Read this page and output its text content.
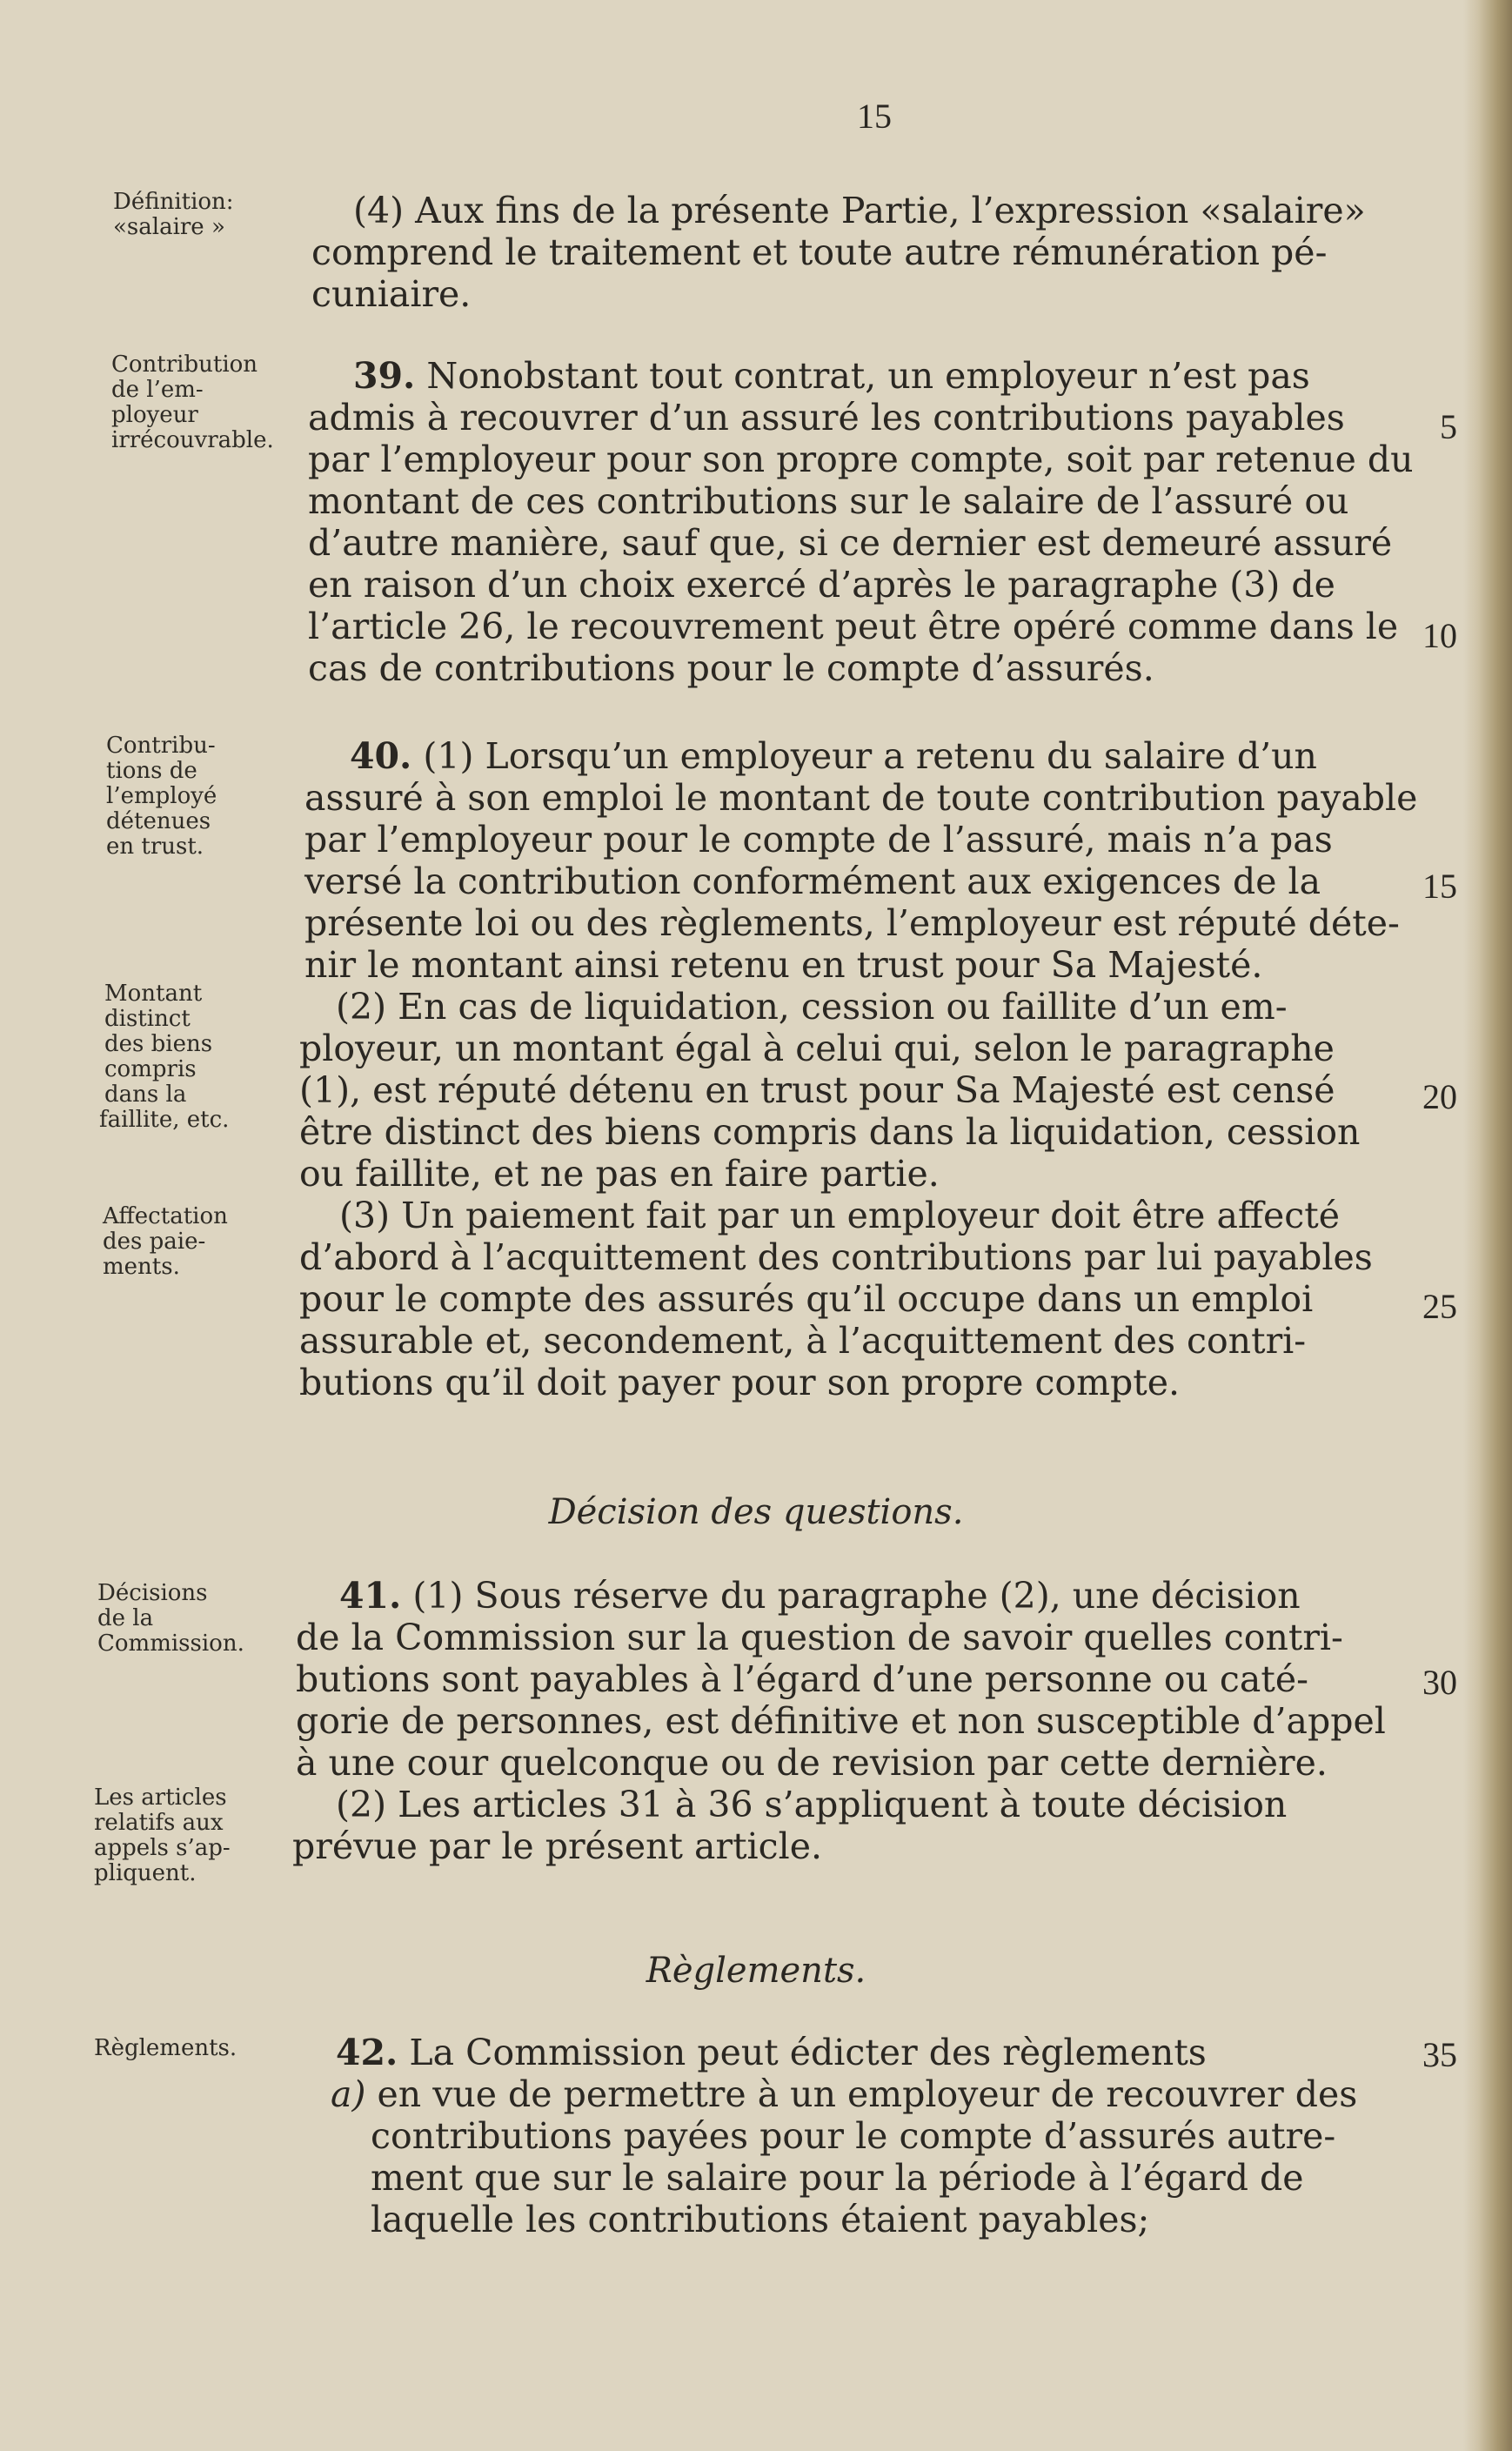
15
Définition:
«salaire »
Contribution
de l’em-
ployeur
irrécouvrable.
Contribu-
tions de
l’employé
détenues
en trust.
Montant
distinct
des biens
compris
dans la
faillite, etc.
Affectation
des paie-
ments.
Décisions
de la
Commission.
Les articles
relatifs aux
appels s’ap-
pliquent.
Règlements.
(4) Aux fins de la présente Partie, l’expression «salaire»
comprend le traitement et toute autre rémunération pé-
cuniaire.
39. Nonobstant tout contrat, un employeur n’est pas
admis à recouvrer d’un assuré les contributions payables
par l’employeur pour son propre compte, soit par retenue du
montant de ces contributions sur le salaire de l’assuré ou
d’autre manière, sauf que, si ce dernier est demeuré assuré
en raison d’un choix exercé d’après le paragraphe (3) de
l’article 26, le recouvrement peut être opéré comme dans le
cas de contributions pour le compte d’assurés.
40. (1) Lorsqu’un employeur a retenu du salaire d’un
assuré à son emploi le montant de toute contribution payable
par l’employeur pour le compte de l’assuré, mais n’a pas
versé la contribution conformément aux exigences de la
présente loi ou des règlements, l’employeur est réputé déte-
nir le montant ainsi retenu en trust pour Sa Majesté.
(2) En cas de liquidation, cession ou faillite d’un em-
ployeur, un montant égal à celui qui, selon le paragraphe
(1), est réputé détenu en trust pour Sa Majesté est censé
être distinct des biens compris dans la liquidation, cession
ou faillite, et ne pas en faire partie.
(3) Un paiement fait par un employeur doit être affecté
d’abord à l’acquittement des contributions par lui payables
pour le compte des assurés qu’il occupe dans un emploi
assurable et, secondement, à l’acquittement des contri-
butions qu’il doit payer pour son propre compte.
Décision des questions.
41. (1) Sous réserve du paragraphe (2), une décision
de la Commission sur la question de savoir quelles contri-
butions sont payables à l’égard d’une personne ou caté-
gorie de personnes, est définitive et non susceptible d’appel
à une cour quelconque ou de revision par cette dernière.
(2) Les articles 31 à 36 s’appliquent à toute décision
prévue par le présent article.
Règlements.
42. La Commission peut édicter des règlements
a) en vue de permettre à un employeur de recouvrer des
contributions payées pour le compte d’assurés autre-
ment que sur le salaire pour la période à l’égard de
laquelle les contributions étaient payables;
5
10
15
20
25
30
35
